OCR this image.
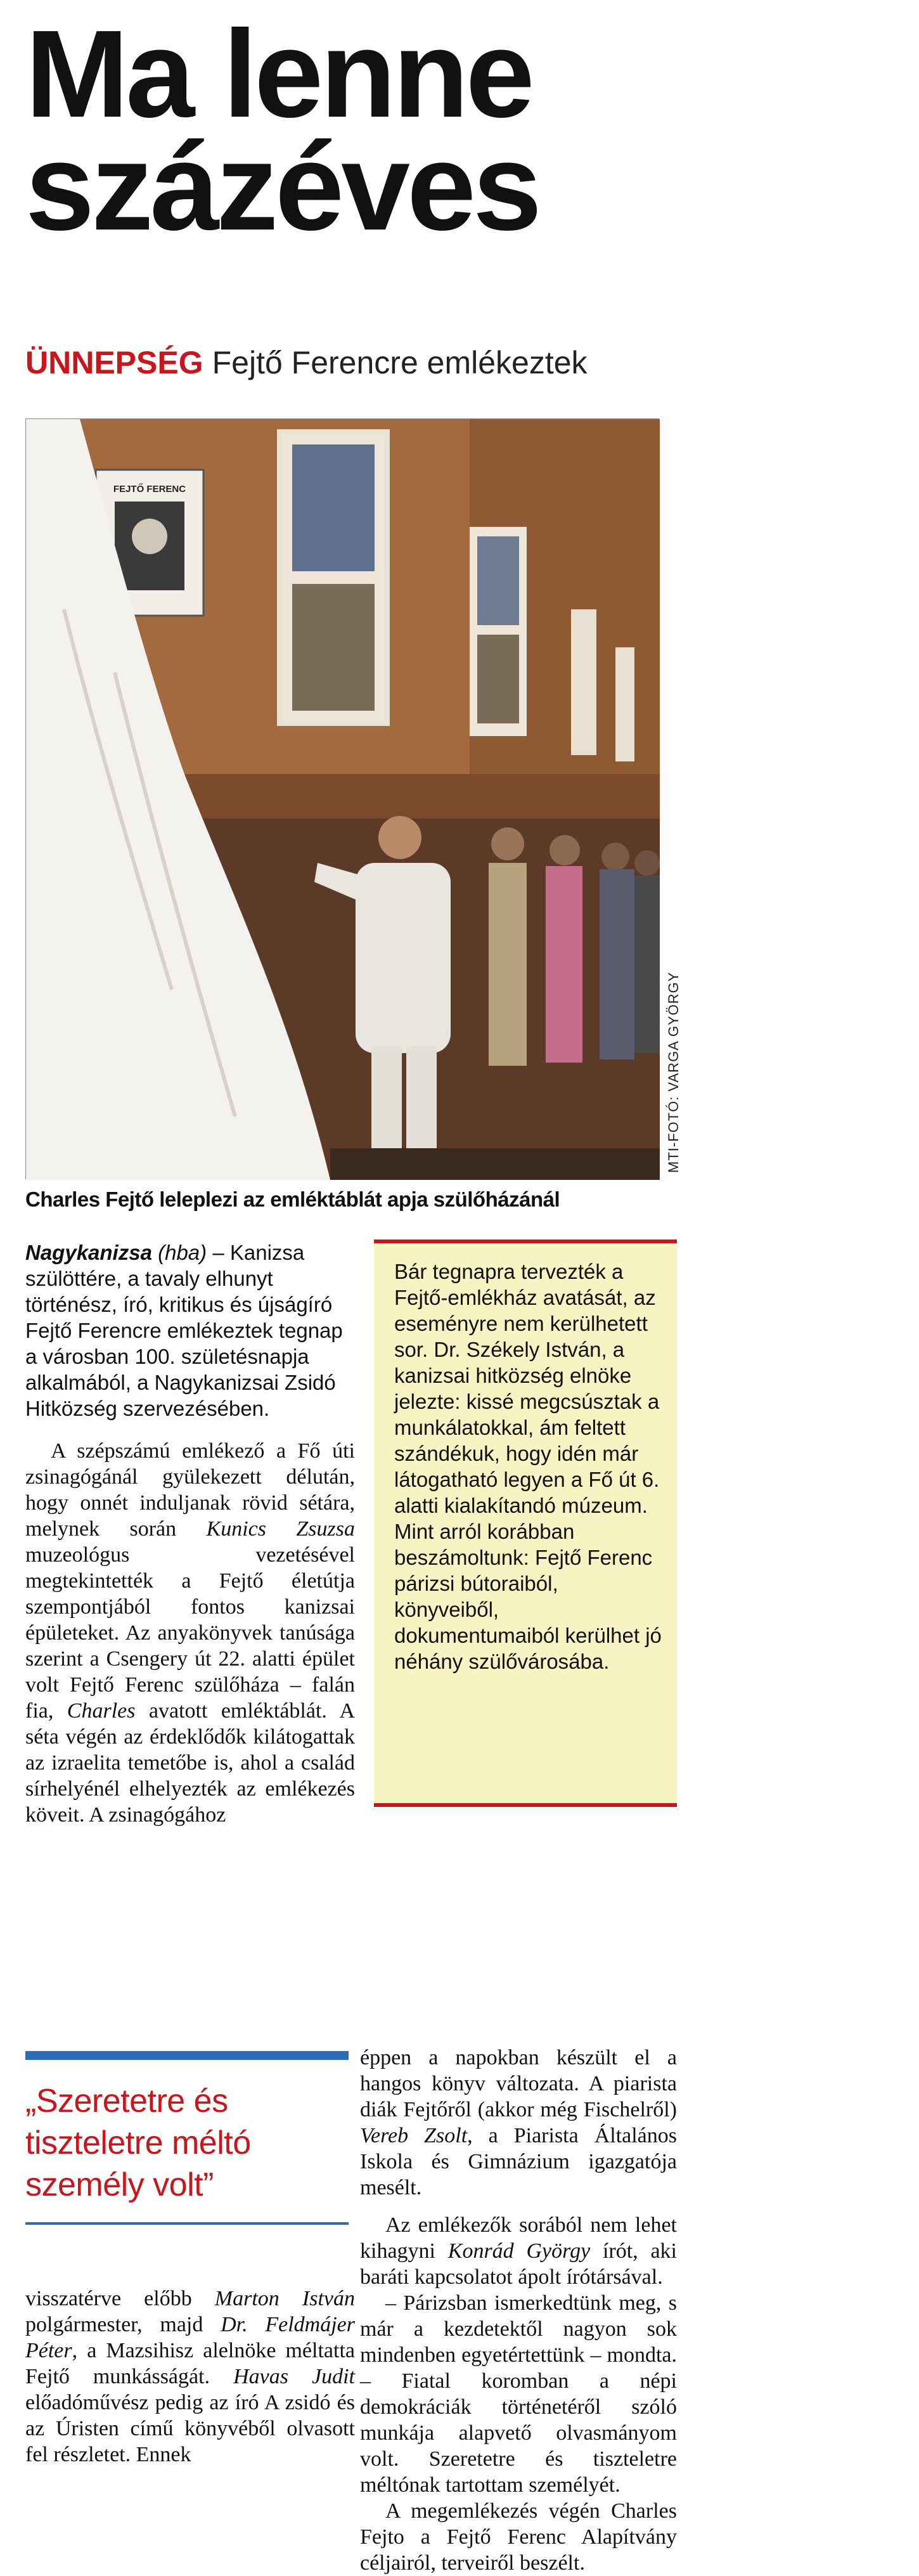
Ma lenne
százéves
ÜNNEPSÉG Fejtő Ferencre emlékeztek
FEJTŐ FERENC
MTI-FOTÓ: VARGA GYÖRGY
Charles Fejtő leleplezi az emléktáblát apja szülőházánál

Nagykanizsa (hba) – Kanizsa szülöttére, a tavaly elhunyt történész, író, kritikus és újságíró Fejtő Ferencre emlékeztek tegnap a városban 100. születésnapja alkalmából, a Nagykanizsai Zsidó Hitközség szervezésében.

A szépszámú emlékező a Fő úti zsinagógánál gyülekezett délután, hogy onnét induljanak rövid sétára, melynek során Kunics Zsuzsa muzeológus vezetésével megtekintették a Fejtő életútja szempontjából fontos kanizsai épületeket. Az anyakönyvek tanúsága szerint a Csengery út 22. alatti épület volt Fejtő Ferenc szülőháza – falán fia, Charles avatott emléktáblát. A séta végén az érdeklődők kilátogattak az izraelita temetőbe is, ahol a család sírhelyénél elhelyezték az emlékezés köveit. A zsinagógához

Bár tegnapra tervezték a Fejtő-emlékház avatását, az eseményre nem kerülhetett sor. Dr. Székely István, a kanizsai hitközség elnöke jelezte: kissé megcsúsztak a munkálatokkal, ám feltett szándékuk, hogy idén már látogatható legyen a Fő út 6. alatti kialakítandó múzeum. Mint arról korábban beszámoltunk: Fejtő Ferenc párizsi bútoraiból, könyveiből, dokumentumaiból kerülhet jó néhány szülővárosába.

„Szeretetre és tiszteletre méltó személy volt”

visszatérve előbb Marton István polgármester, majd Dr. Feldmájer Péter, a Mazsihisz alelnöke méltatta Fejtő munkásságát. Havas Judit előadóművész pedig az író A zsidó és az Úristen című könyvéből olvasott fel részletet. Ennek

éppen a napokban készült el a hangos könyv változata. A piarista diák Fejtőről (akkor még Fischelről) Vereb Zsolt, a Piarista Általános Iskola és Gimnázium igazgatója mesélt.

Az emlékezők sorából nem lehet kihagyni Konrád György írót, aki baráti kapcsolatot ápolt írótársával.

– Párizsban ismerkedtünk meg, s már a kezdetektől nagyon sok mindenben egyetértettünk – mondta. – Fiatal koromban a népi demokráciák történetéről szóló munkája alapvető olvasmányom volt. Szeretetre és tiszteletre méltónak tartottam személyét.

A megemlékezés végén Charles Fejto a Fejtő Ferenc Alapítvány céljairól, terveiről beszélt.
